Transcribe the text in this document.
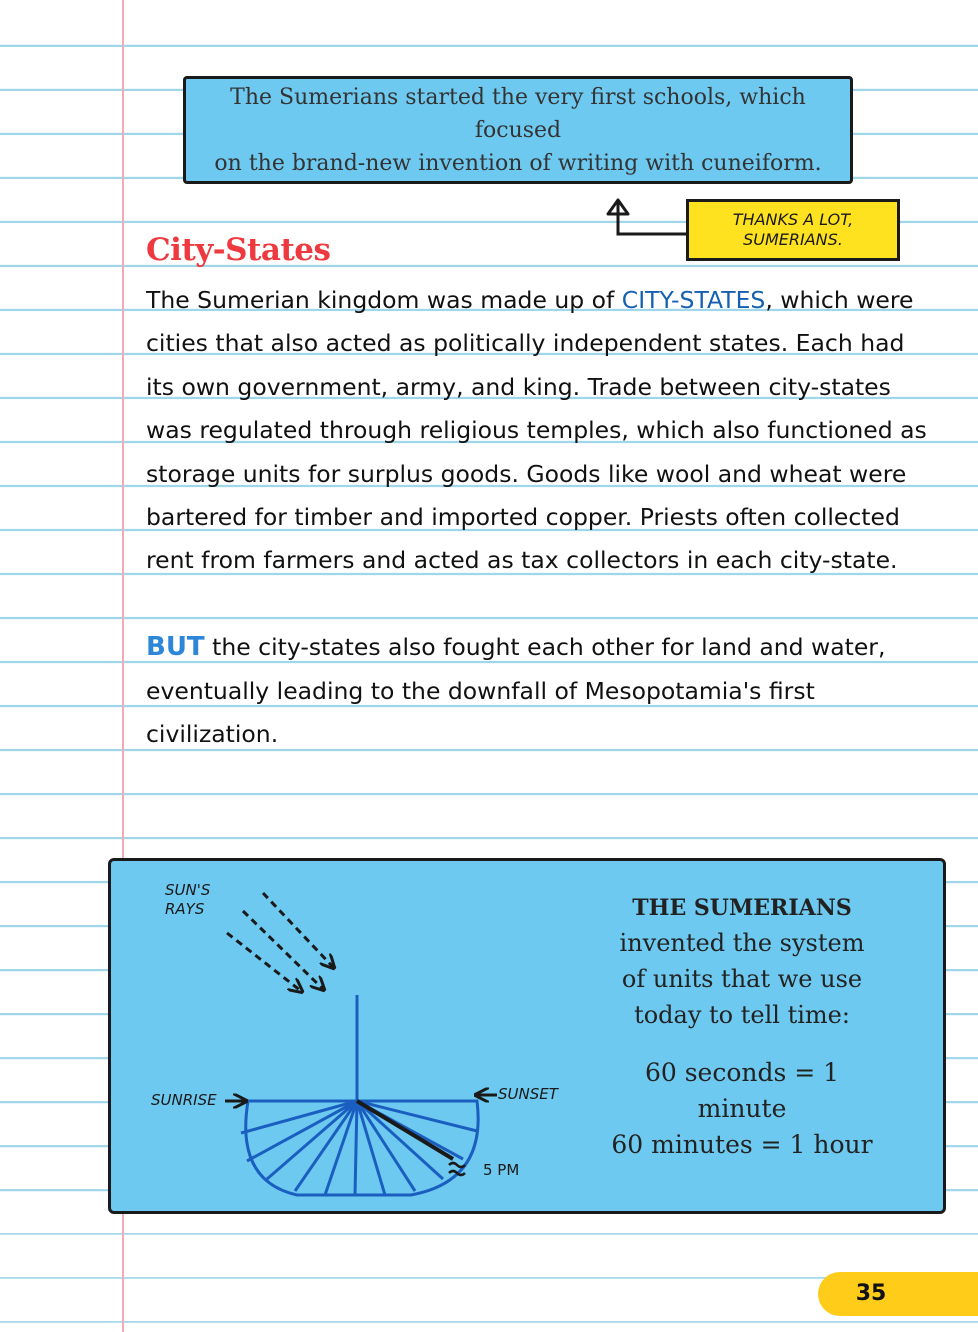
The Sumerians started the very first schools, which focused
on the brand-new invention of writing with cuneiform.
THANKS A LOT,
SUMERIANS.
City-States

The Sumerian kingdom was made up of CITY-STATES, which were cities that also acted as politically independent states. Each had its own government, army, and king. Trade between city-states was regulated through religious temples, which also functioned as storage units for surplus goods. Goods like wool and wheat were bartered for timber and imported copper. Priests often collected rent from farmers and acted as tax collectors in each city-state.

BUT the city-states also fought each other for land and water, eventually leading to the downfall of Mesopotamia's first civilization.

SUN'S
RAYS
SUNRISE	SUNSET
5 PM
THE SUMERIANS
invented the system
of units that we use
today to tell time:
60 seconds = 1 minute
60 minutes = 1 hour
35
